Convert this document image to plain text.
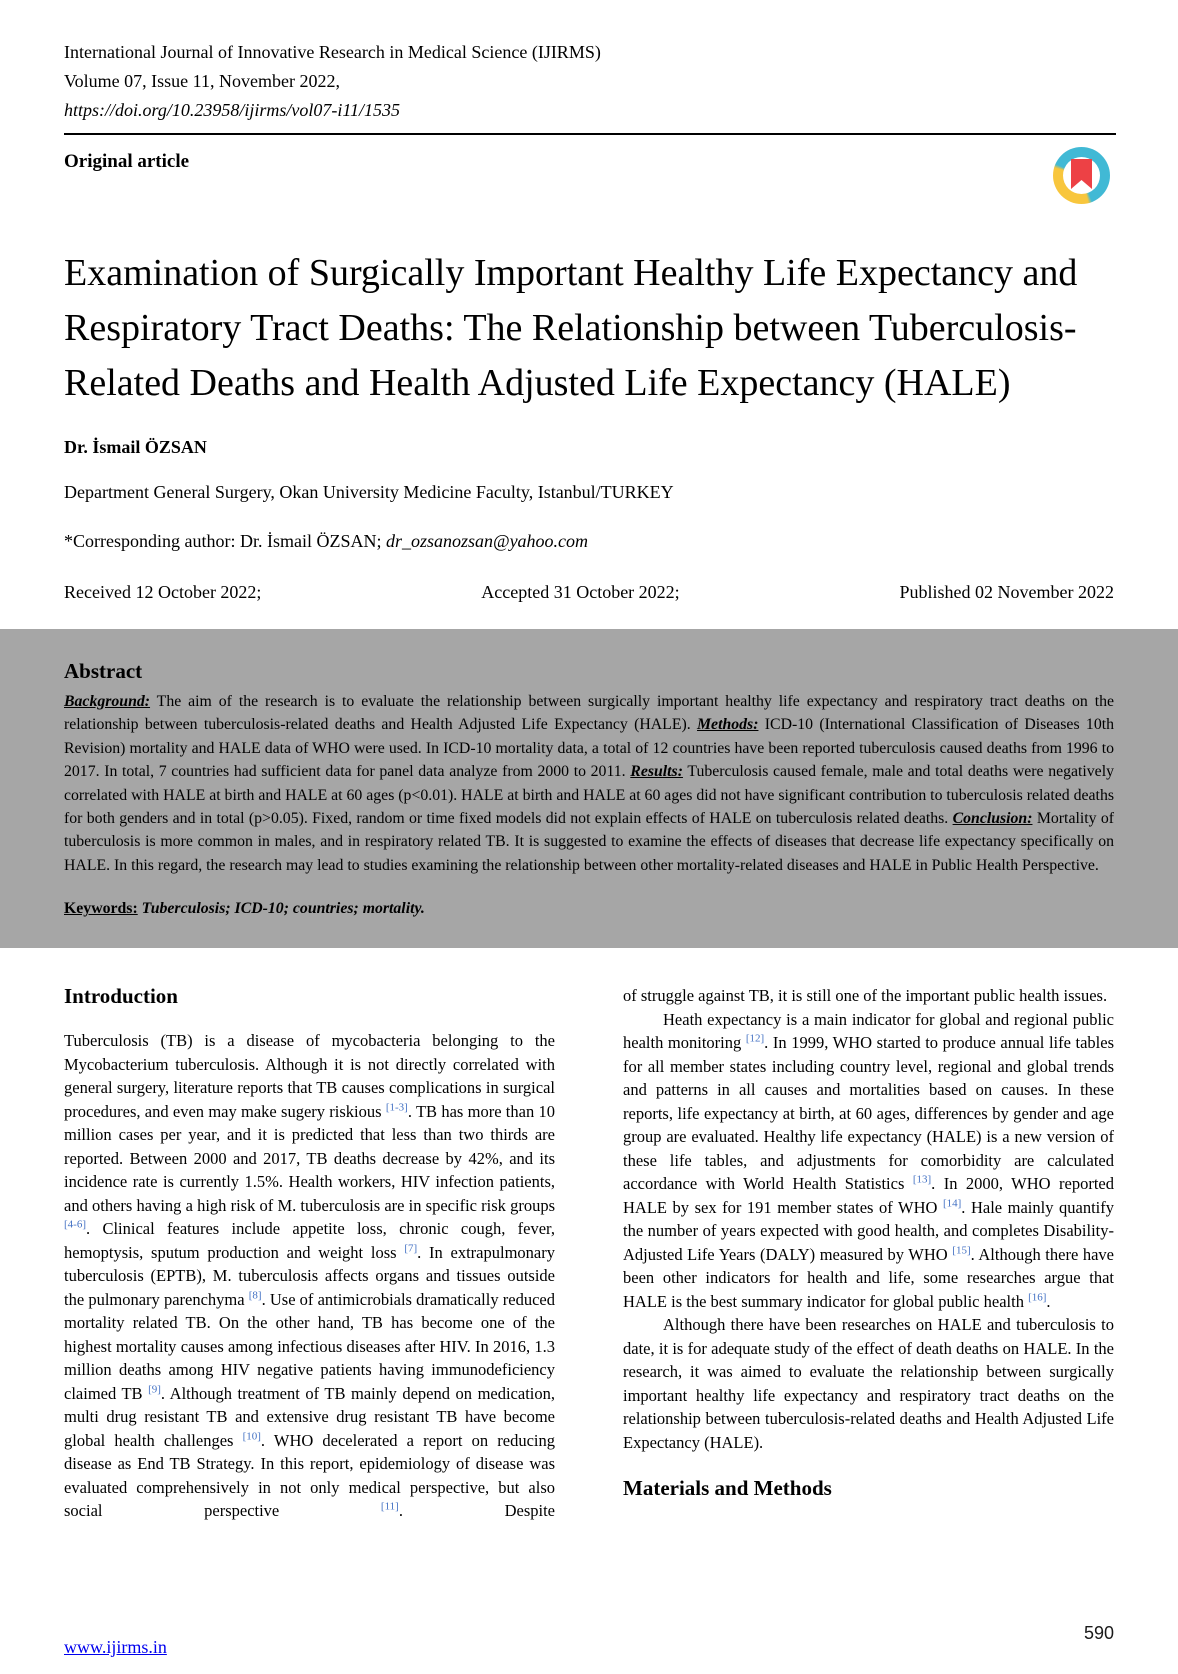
International Journal of Innovative Research in Medical Science (IJIRMS)
Volume 07, Issue 11, November 2022,
https://doi.org/10.23958/ijirms/vol07-i11/1535
Original article
Examination of Surgically Important Healthy Life Expectancy and Respiratory Tract Deaths: The Relationship between Tuberculosis-Related Deaths and Health Adjusted Life Expectancy (HALE)
Dr. İsmail ÖZSAN
Department General Surgery, Okan University Medicine Faculty, Istanbul/TURKEY
*Corresponding author: Dr. İsmail ÖZSAN; dr_ozsanozsan@yahoo.com
Received 12 October 2022;	Accepted 31 October 2022;	Published 02 November 2022
Abstract

Background: The aim of the research is to evaluate the relationship between surgically important healthy life expectancy and respiratory tract deaths on the relationship between tuberculosis-related deaths and Health Adjusted Life Expectancy (HALE). Methods: ICD-10 (International Classification of Diseases 10th Revision) mortality and HALE data of WHO were used. In ICD-10 mortality data, a total of 12 countries have been reported tuberculosis caused deaths from 1996 to 2017. In total, 7 countries had sufficient data for panel data analyze from 2000 to 2011. Results: Tuberculosis caused female, male and total deaths were negatively correlated with HALE at birth and HALE at 60 ages (p<0.01). HALE at birth and HALE at 60 ages did not have significant contribution to tuberculosis related deaths for both genders and in total (p>0.05). Fixed, random or time fixed models did not explain effects of HALE on tuberculosis related deaths. Conclusion: Mortality of tuberculosis is more common in males, and in respiratory related TB. It is suggested to examine the effects of diseases that decrease life expectancy specifically on HALE. In this regard, the research may lead to studies examining the relationship between other mortality-related diseases and HALE in Public Health Perspective.

Keywords: Tuberculosis; ICD-10; countries; mortality.

Introduction

Tuberculosis (TB) is a disease of mycobacteria belonging to the Mycobacterium tuberculosis. Although it is not directly correlated with general surgery, literature reports that TB causes complications in surgical procedures, and even may make sugery riskious [1-3]. TB has more than 10 million cases per year, and it is predicted that less than two thirds are reported. Between 2000 and 2017, TB deaths decrease by 42%, and its incidence rate is currently 1.5%. Health workers, HIV infection patients, and others having a high risk of M. tuberculosis are in specific risk groups [4-6]. Clinical features include appetite loss, chronic cough, fever, hemoptysis, sputum production and weight loss [7]. In extrapulmonary tuberculosis (EPTB), M. tuberculosis affects organs and tissues outside the pulmonary parenchyma [8]. Use of antimicrobials dramatically reduced mortality related TB. On the other hand, TB has become one of the highest mortality causes among infectious diseases after HIV. In 2016, 1.3 million deaths among HIV negative patients having immunodeficiency claimed TB [9]. Although treatment of TB mainly depend on medication, multi drug resistant TB and extensive drug resistant TB have become global health challenges [10]. WHO decelerated a report on reducing disease as End TB Strategy. In this report, epidemiology of disease was evaluated comprehensively in not only medical perspective, but also social perspective [11]. Despite

of struggle against TB, it is still one of the important public health issues.

Heath expectancy is a main indicator for global and regional public health monitoring [12]. In 1999, WHO started to produce annual life tables for all member states including country level, regional and global trends and patterns in all causes and mortalities based on causes. In these reports, life expectancy at birth, at 60 ages, differences by gender and age group are evaluated. Healthy life expectancy (HALE) is a new version of these life tables, and adjustments for comorbidity are calculated accordance with World Health Statistics [13]. In 2000, WHO reported HALE by sex for 191 member states of WHO [14]. Hale mainly quantify the number of years expected with good health, and completes Disability-Adjusted Life Years (DALY) measured by WHO [15]. Although there have been other indicators for health and life, some researches argue that HALE is the best summary indicator for global public health [16].

Although there have been researches on HALE and tuberculosis to date, it is for adequate study of the effect of death deaths on HALE. In the research, it was aimed to evaluate the relationship between surgically important healthy life expectancy and respiratory tract deaths on the relationship between tuberculosis-related deaths and Health Adjusted Life Expectancy (HALE).

Materials and Methods
www.ijirms.in
590
